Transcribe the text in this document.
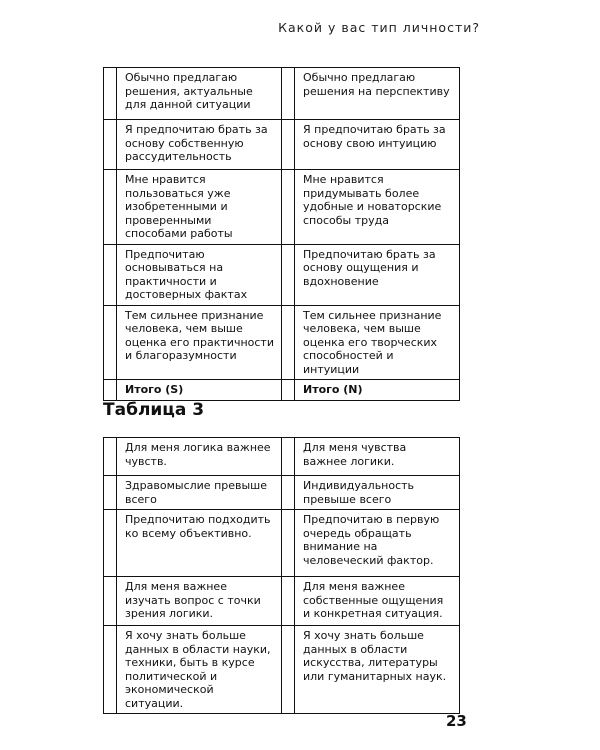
Какой у вас тип личности?
	Обычно предлагаю решения, актуальные для данной ситуации		Обычно предлагаю решения на перспективу
	Я предпочитаю брать за основу собственную рассудительность		Я предпочитаю брать за основу свою интуицию
	Мне нравится пользоваться уже изобретенными и проверенными способами работы		Мне нравится придумывать более удобные и новаторские способы труда
	Предпочитаю основываться на практичности и достоверных фактах		Предпочитаю брать за основу ощущения и вдохновение
	Тем сильнее признание человека, чем выше оценка его практичности и благоразумности		Тем сильнее признание человека, чем выше оценка его творческих способностей и интуиции
	Итого (S)		Итого (N)
Таблица 3
	Для меня логика важнее чувств.		Для меня чувства важнее логики.
	Здравомыслие превыше всего		Индивидуальность превыше всего
	Предпочитаю подходить ко всему объективно.		Предпочитаю в первую очередь обращать внимание на человеческий фактор.
	Для меня важнее изучать вопрос с точки зрения логики.		Для меня важнее собственные ощущения и конкретная ситуация.
	Я хочу знать больше данных в области науки, техники, быть в курсе политической и экономической ситуации.		Я хочу знать больше данных в области искусства, литературы или гуманитарных наук.
23
